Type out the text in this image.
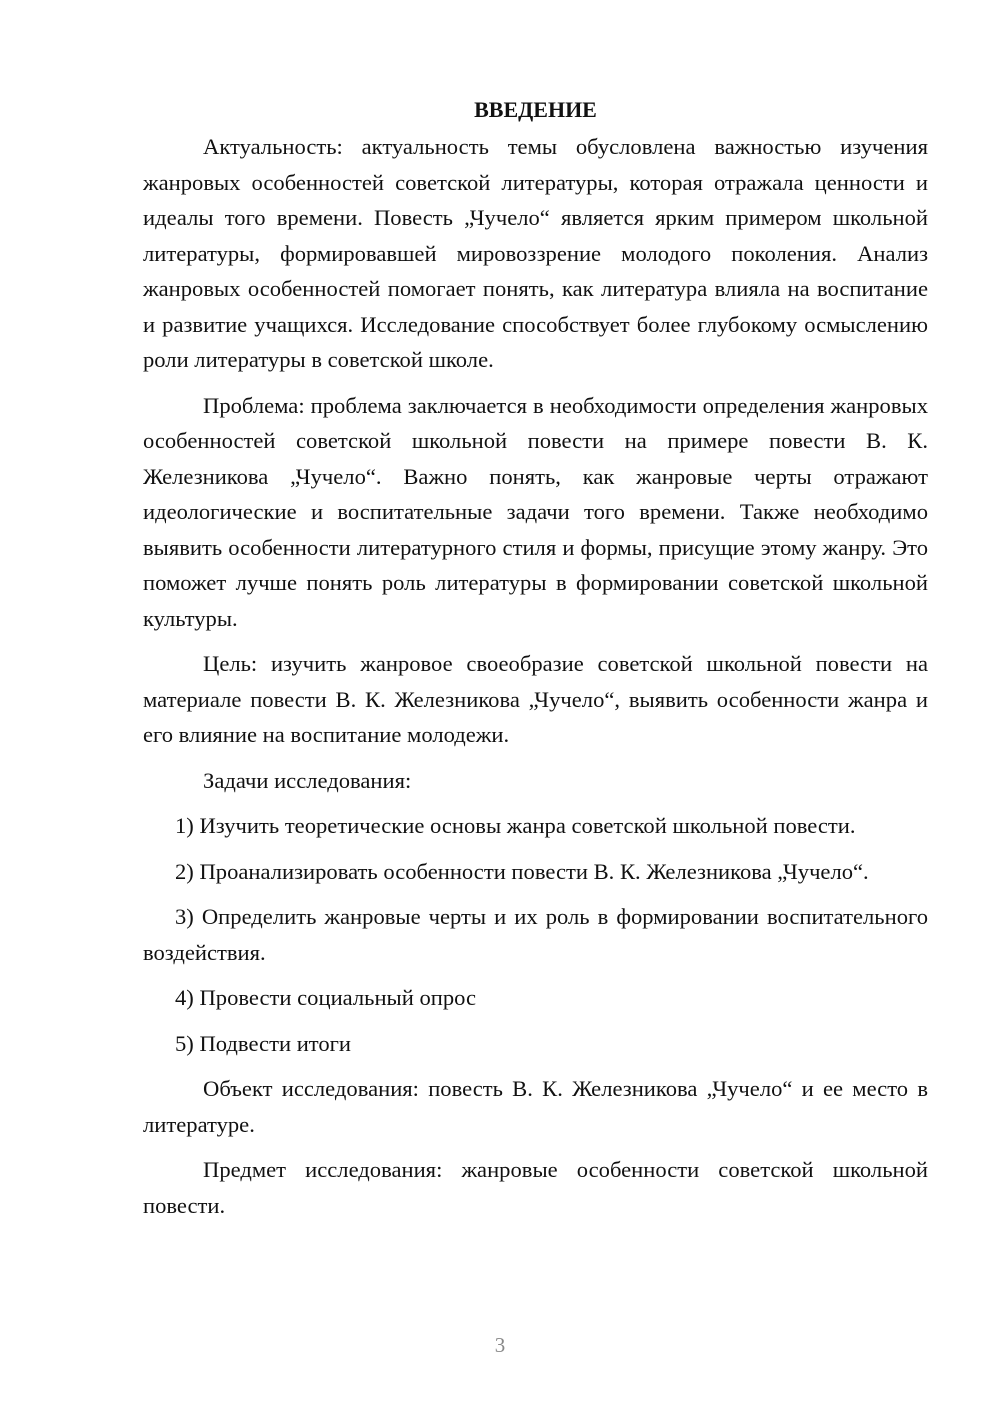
ВВЕДЕНИЕ

Актуальность: актуальность темы обусловлена важностью изучения жанровых особенностей советской литературы, которая отражала ценности и идеалы того времени. Повесть „Чучело“ является ярким примером школьной литературы, формировавшей мировоззрение молодого поколения. Анализ жанровых особенностей помогает понять, как литература влияла на воспитание и развитие учащихся. Исследование способствует более глубокому осмыслению роли литературы в советской школе.

Проблема: проблема заключается в необходимости определения жанровых особенностей советской школьной повести на примере повести В. К. Железникова „Чучело“. Важно понять, как жанровые черты отражают идеологические и воспитательные задачи того времени. Также необходимо выявить особенности литературного стиля и формы, присущие этому жанру. Это поможет лучше понять роль литературы в формировании советской школьной культуры.

Цель: изучить жанровое своеобразие советской школьной повести на материале повести В. К. Железникова „Чучело“, выявить особенности жанра и его влияние на воспитание молодежи.

Задачи исследования:

1) Изучить теоретические основы жанра советской школьной повести.

2) Проанализировать особенности повести В. К. Железникова „Чучело“.

3) Определить жанровые черты и их роль в формировании воспитательного воздействия.

4) Провести социальный опрос

5) Подвести итоги

Объект исследования: повесть В. К. Железникова „Чучело“ и ее место в литературе.

Предмет исследования: жанровые особенности советской школьной повести.

3
